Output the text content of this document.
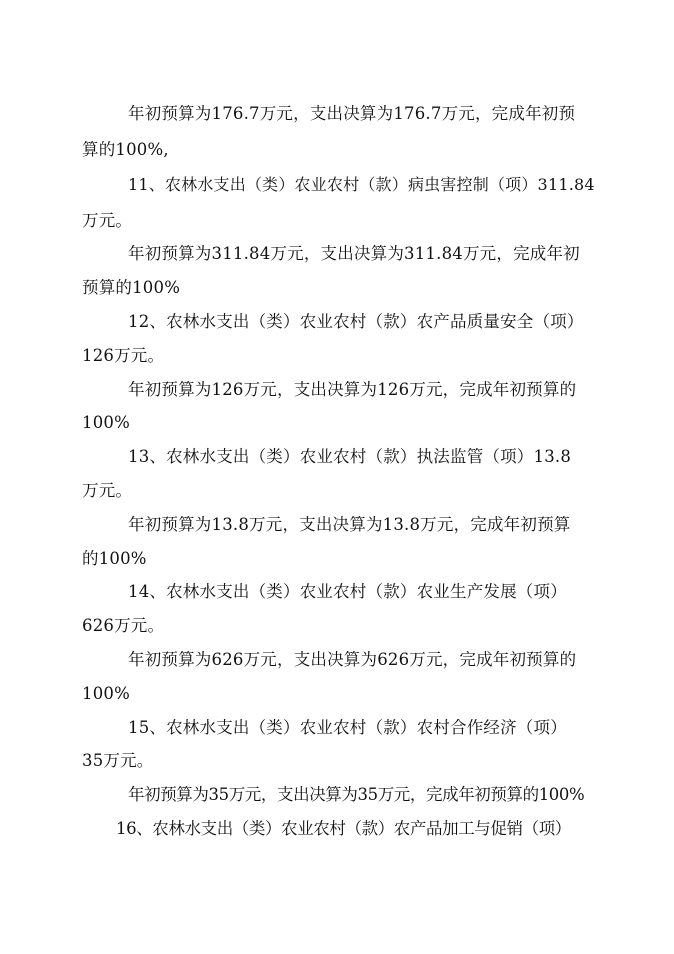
年初预算为176.7万元，支出决算为176.7万元，完成年初预
算的100%,
11、农林水支出（类）农业农村（款）病虫害控制（项）311.84
万元。
年初预算为311.84万元，支出决算为311.84万元，完成年初
预算的100%
12、农林水支出（类）农业农村（款）农产品质量安全（项）
126万元。
年初预算为126万元，支出决算为126万元，完成年初预算的
100%
13、农林水支出（类）农业农村（款）执法监管（项）13.8
万元。
年初预算为13.8万元，支出决算为13.8万元，完成年初预算
的100%
14、农林水支出（类）农业农村（款）农业生产发展（项）
626万元。
年初预算为626万元，支出决算为626万元，完成年初预算的
100%
15、农林水支出（类）农业农村（款）农村合作经济（项）
35万元。
年初预算为35万元，支出决算为35万元，完成年初预算的100%
16、农林水支出（类）农业农村（款）农产品加工与促销（项）
